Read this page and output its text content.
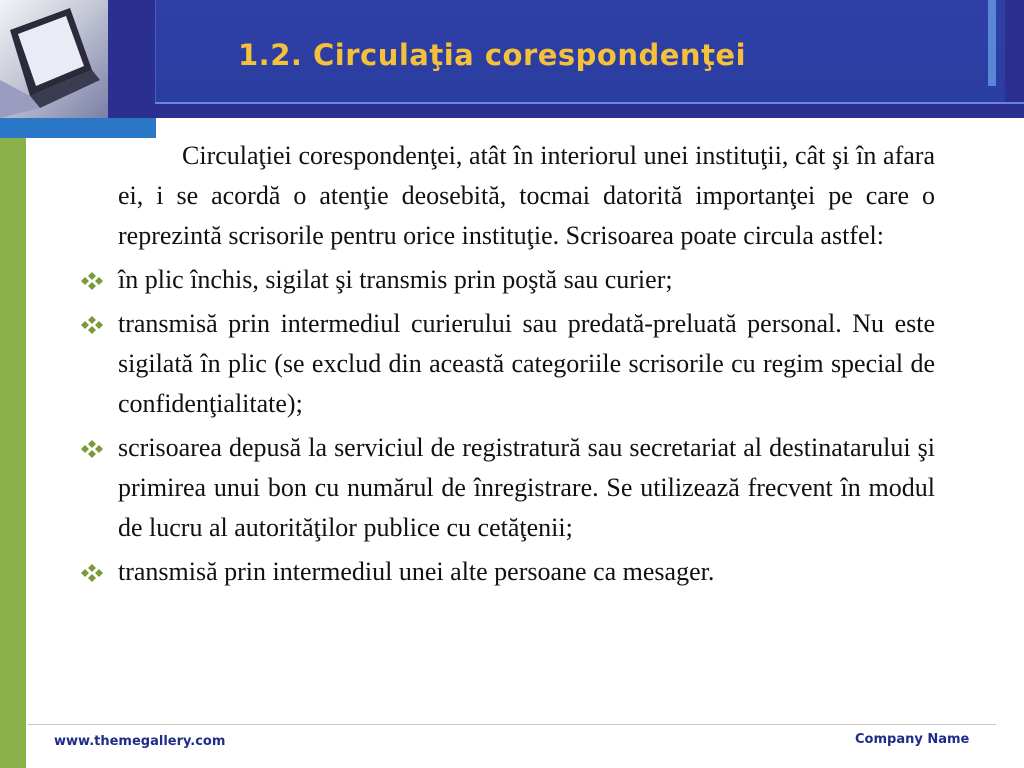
1.2. Circulaţia corespondenţei

Circulaţiei corespondenţei, atât în interiorul unei instituţii, cât şi în afara ei, i se acordă o atenţie deosebită, tocmai datorită importanţei pe care o reprezintă scrisorile pentru orice instituţie. Scrisoarea poate circula astfel:

în plic închis, sigilat şi transmis prin poştă sau curier;
transmisă prin intermediul curierului sau predată-preluată personal. Nu este sigilată în plic (se exclud din această categoriile scrisorile cu regim special de confidenţialitate);
scrisoarea depusă la serviciul de registratură sau secretariat al destinatarului şi primirea unui bon cu numărul de înregistrare. Se utilizează frecvent în modul de lucru al autorităţilor publice cu cetăţenii;
transmisă prin intermediul unei alte persoane ca mesager.
www.themegallery.com	Company Name
